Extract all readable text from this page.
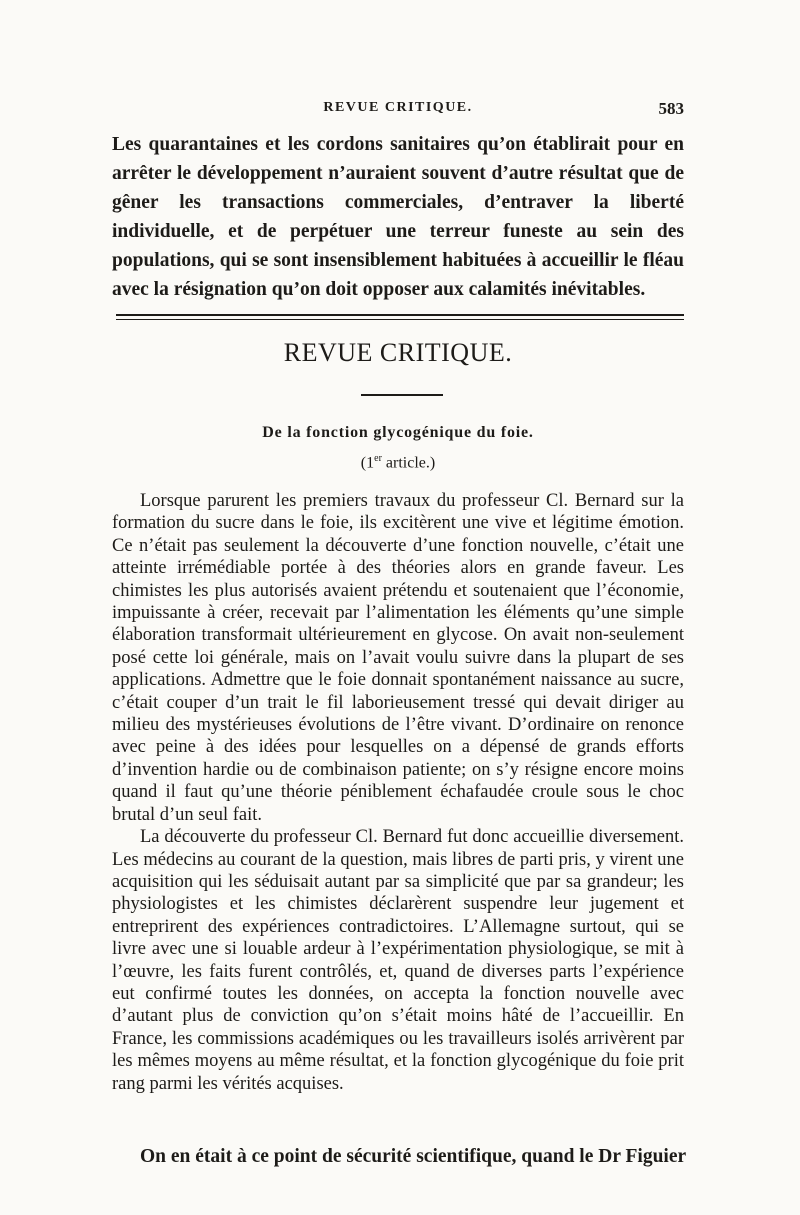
REVUE CRITIQUE.	583

Les quarantaines et les cordons sanitaires qu’on établirait pour en arrêter le développement n’auraient souvent d’autre résultat que de gêner les transactions commerciales, d’entraver la liberté individuelle, et de perpétuer une terreur funeste au sein des populations, qui se sont insensiblement habituées à accueillir le fléau avec la résignation qu’on doit opposer aux calamités inévitables.

REVUE CRITIQUE.
De la fonction glycogénique du foie.
(1er article.)

Lorsque parurent les premiers travaux du professeur Cl. Bernard sur la formation du sucre dans le foie, ils excitèrent une vive et légitime émotion. Ce n’était pas seulement la découverte d’une fonction nouvelle, c’était une atteinte irrémédiable portée à des théories alors en grande faveur. Les chimistes les plus autorisés avaient prétendu et soutenaient que l’économie, impuissante à créer, recevait par l’alimentation les éléments qu’une simple élaboration transformait ultérieurement en glycose. On avait non-seulement posé cette loi générale, mais on l’avait voulu suivre dans la plupart de ses applications. Admettre que le foie donnait spontanément naissance au sucre, c’était couper d’un trait le fil laborieusement tressé qui devait diriger au milieu des mystérieuses évolutions de l’être vivant. D’ordinaire on renonce avec peine à des idées pour lesquelles on a dépensé de grands efforts d’invention hardie ou de combinaison patiente; on s’y résigne encore moins quand il faut qu’une théorie péniblement échafaudée croule sous le choc brutal d’un seul fait.

La découverte du professeur Cl. Bernard fut donc accueillie diversement. Les médecins au courant de la question, mais libres de parti pris, y virent une acquisition qui les séduisait autant par sa simplicité que par sa grandeur; les physiologistes et les chimistes déclarèrent suspendre leur jugement et entreprirent des expériences contradictoires. L’Allemagne surtout, qui se livre avec une si louable ardeur à l’expérimentation physiologique, se mit à l’œuvre, les faits furent contrôlés, et, quand de diverses parts l’expérience eut confirmé toutes les données, on accepta la fonction nouvelle avec d’autant plus de conviction qu’on s’était moins hâté de l’accueillir. En France, les commissions académiques ou les travailleurs isolés arrivèrent par les mêmes moyens au même résultat, et la fonction glycogénique du foie prit rang parmi les vérités acquises.

On en était à ce point de sécurité scientifique, quand le Dr Figuier
